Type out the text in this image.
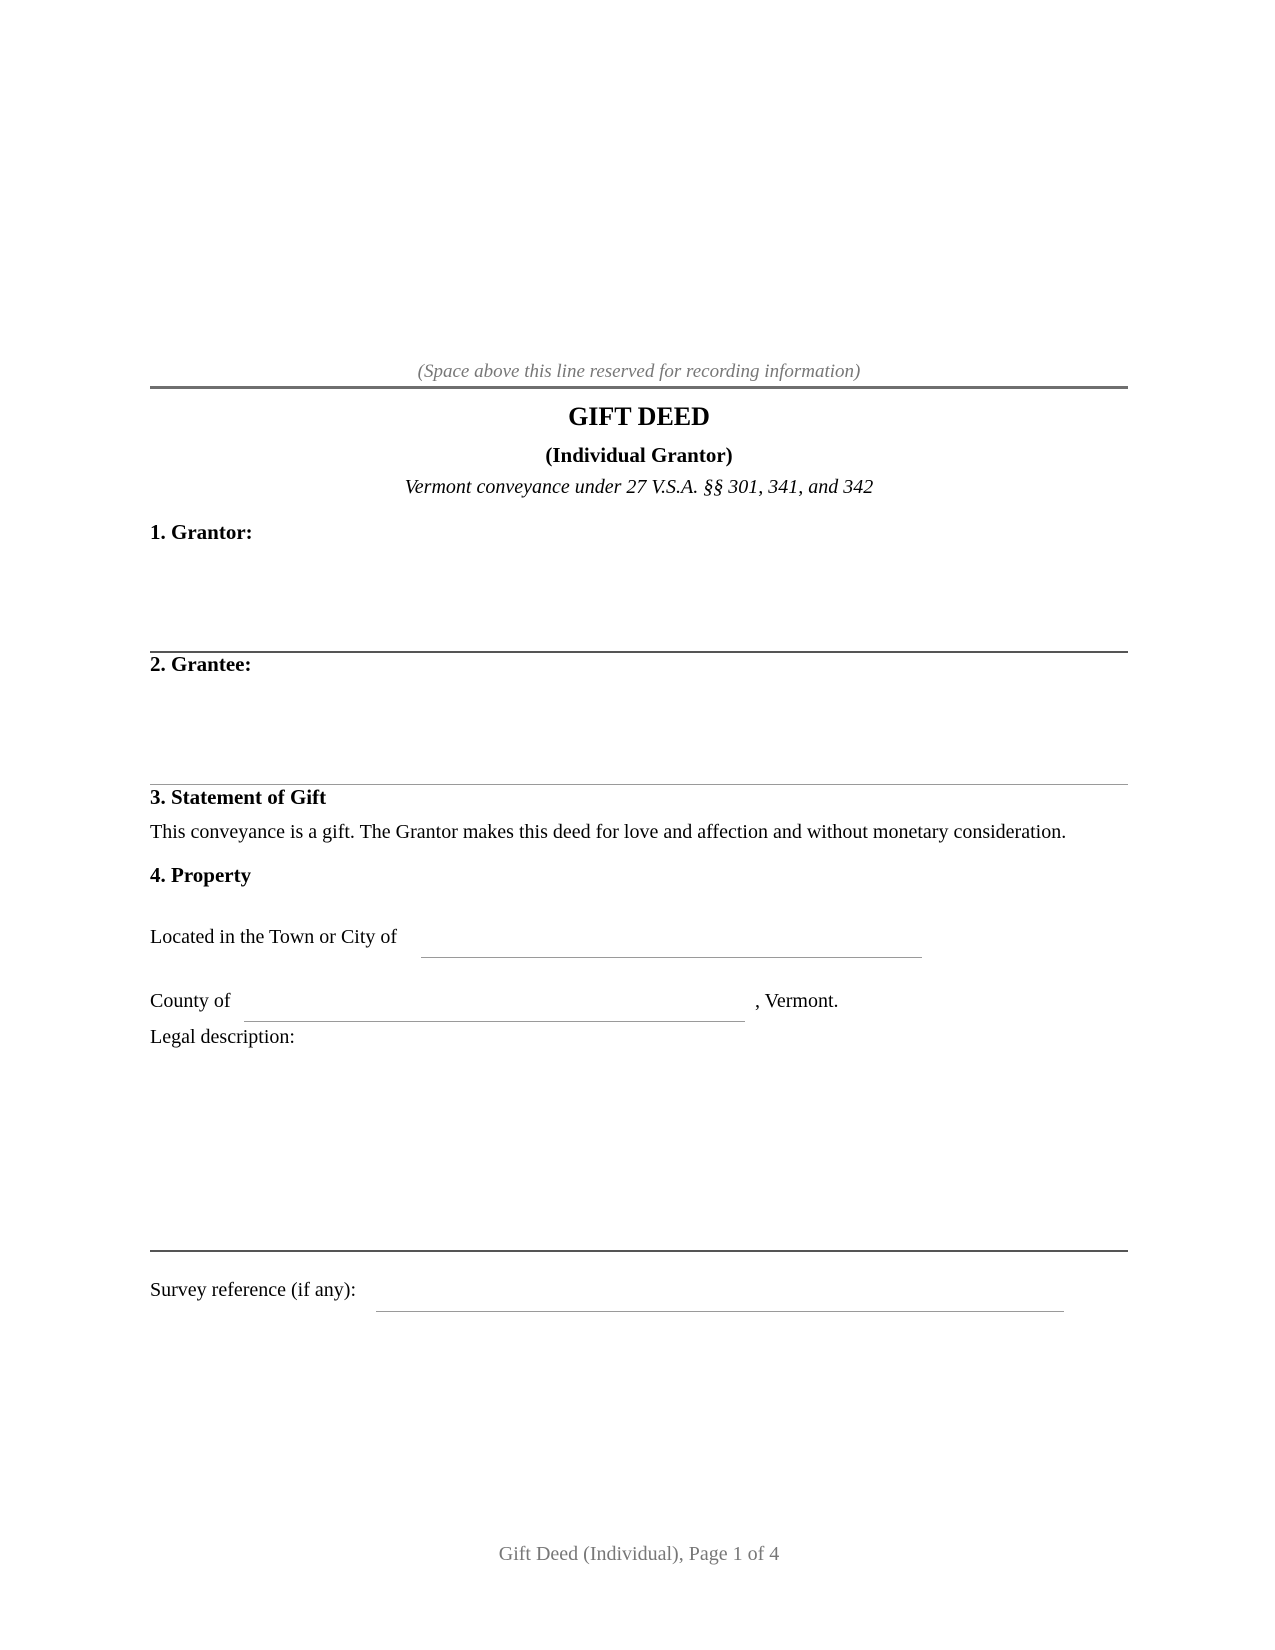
(Space above this line reserved for recording information)
GIFT DEED
(Individual Grantor)
Vermont conveyance under 27 V.S.A. §§ 301, 341, and 342
1. Grantor:
2. Grantee:
3. Statement of Gift
This conveyance is a gift. The Grantor makes this deed for love and affection and without monetary consideration.
4. Property
Located in the Town or City of
County of	, Vermont.
Legal description:
Survey reference (if any):
Gift Deed (Individual), Page 1 of 4
